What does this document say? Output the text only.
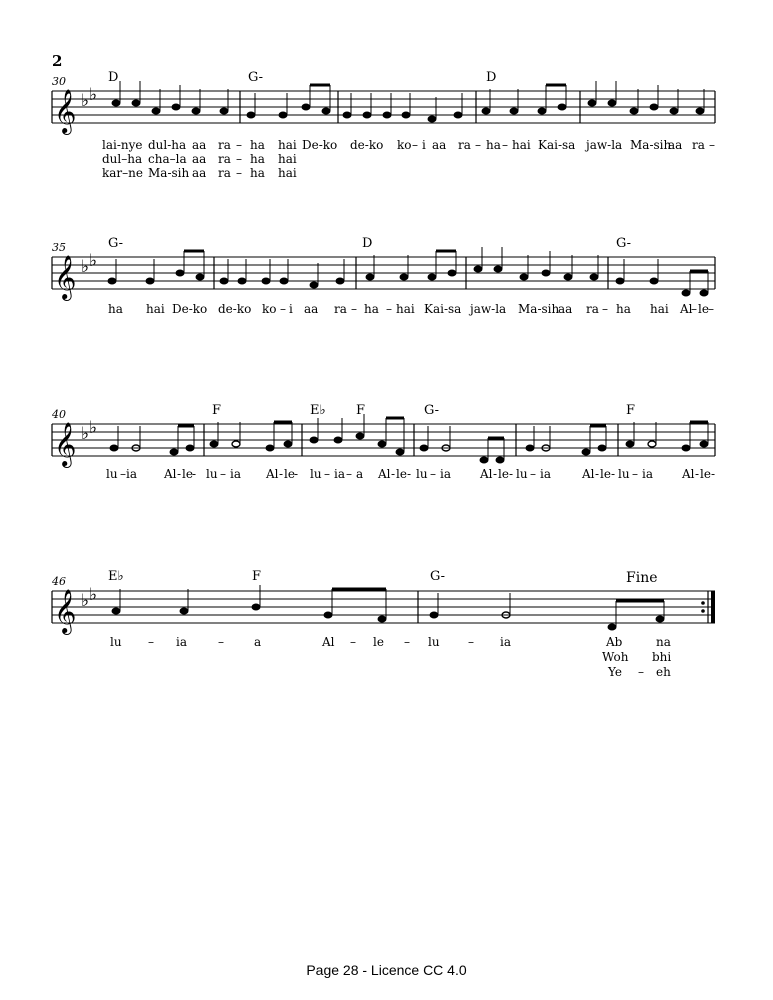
2
30	D	G-	D
𝄞 ♭ ♭
lai-nye dul-ha aa ra – ha hai De-ko de-ko ko – i aa ra – ha – hai Kai-sa jaw-la Ma-sih
aa ra –
dul–ha cha–la aa ra – ha hai
kar–ne Ma-sih aa ra – ha hai
35	G-	D	G-
𝄞 ♭ ♭
ha hai De-ko de-ko ko – i aa ra – ha – hai Kai-sa jaw-la Ma-sih
aa ra – ha hai Al
– le –
40	F	E♭ F	G-	F
𝄞 ♭ ♭
lu – ia Al - le - lu – ia Al - le - lu – ia – a Al - le - lu – ia Al - le - lu – ia	Al - le - lu – ia Al - le -
46	E♭	F	G-	Fine
𝄞 ♭ ♭
lu – ia	–	a	Al – le – lu – ia	Ab	na
Woh bhi
Ye – eh
Page 28 - Licence CC 4.0
